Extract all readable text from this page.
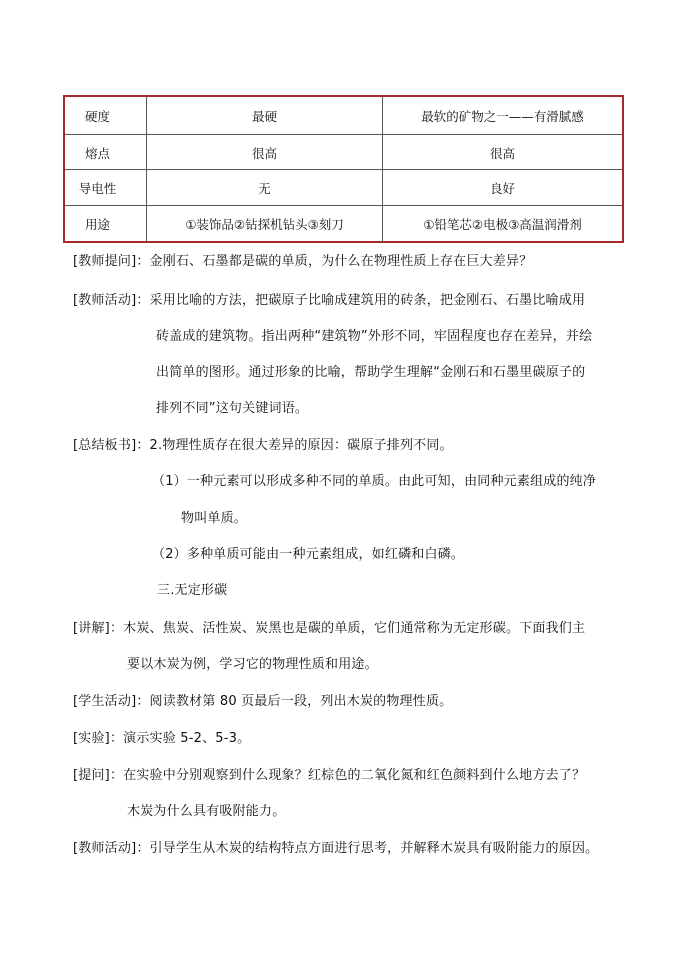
硬度	最硬	最软的矿物之一——有滑腻感
熔点	很高	很高
导电性	无	良好
用途	①装饰品②钻探机钻头③刻刀	①铅笔芯②电极③高温润滑剂
[教师提问]：金刚石、石墨都是碳的单质，为什么在物理性质上存在巨大差异？
[教师活动]：采用比喻的方法，把碳原子比喻成建筑用的砖条，把金刚石、石墨比喻成用
砖盖成的建筑物。指出两种“建筑物”外形不同，牢固程度也存在差异，并绘
出简单的图形。通过形象的比喻，帮助学生理解“金刚石和石墨里碳原子的
排列不同”这句关键词语。
[总结板书]：2.物理性质存在很大差异的原因：碳原子排列不同。
（1）一种元素可以形成多种不同的单质。由此可知，由同种元素组成的纯净
物叫单质。
（2）多种单质可能由一种元素组成，如红磷和白磷。
三.无定形碳
[讲解]：木炭、焦炭、活性炭、炭黑也是碳的单质，它们通常称为无定形碳。下面我们主
要以木炭为例，学习它的物理性质和用途。
[学生活动]：阅读教材第 80 页最后一段，列出木炭的物理性质。
[实验]：演示实验 5-2、5-3。
[提问]：在实验中分别观察到什么现象？红棕色的二氧化氮和红色颜料到什么地方去了？
木炭为什么具有吸附能力。
[教师活动]：引导学生从木炭的结构特点方面进行思考，并解释木炭具有吸附能力的原因。
